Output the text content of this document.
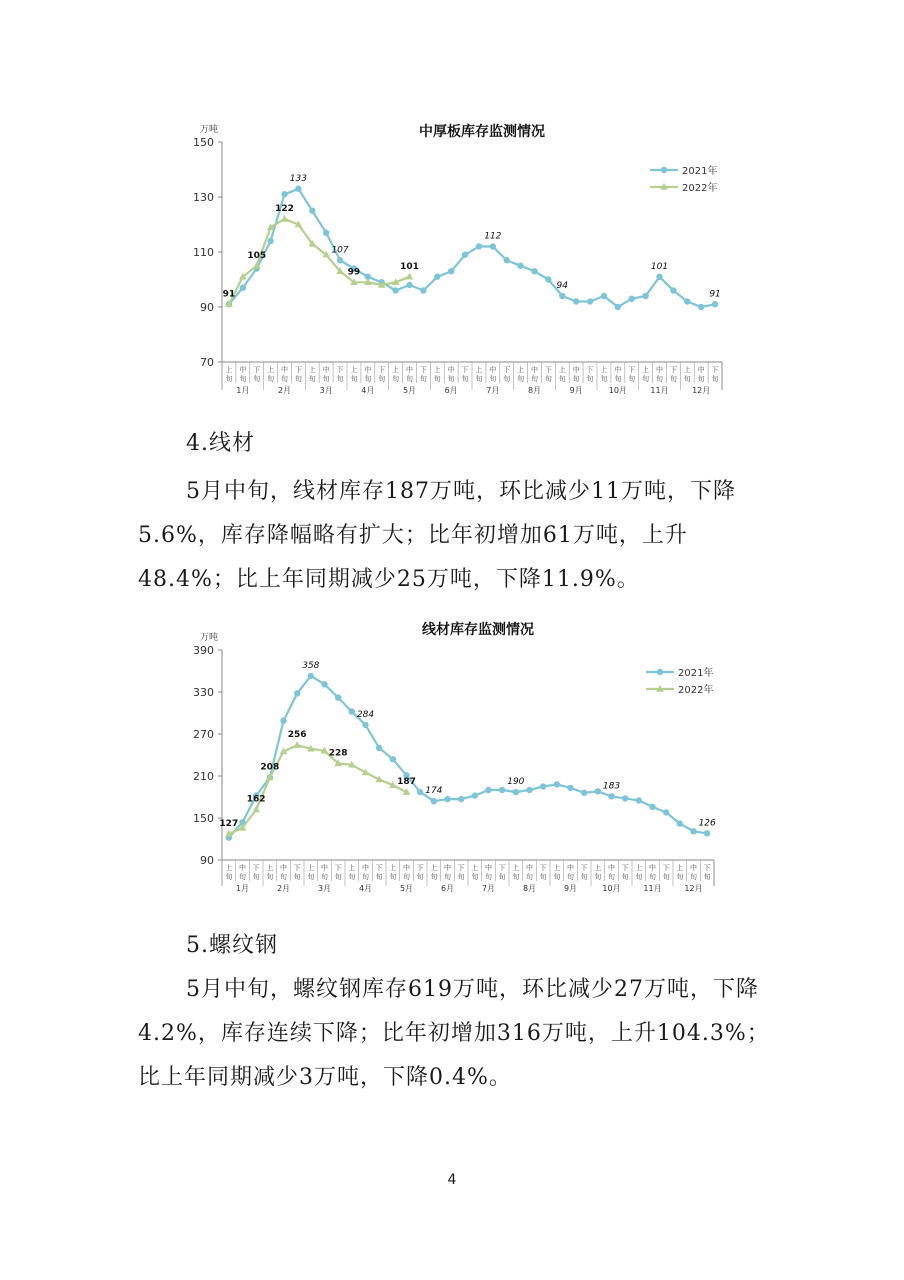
中厚板库存监测情况
万吨
70
90
110
130
150
上
旬
中
旬
下
旬
上
旬
中
旬
下
旬
上
旬
中
旬
下
旬
上
旬
中
旬
下
旬
上
旬
中
旬
下
旬
上
旬
中
旬
下
旬
上
旬
中
旬
下
旬
上
旬
中
旬
下
旬
上
旬
中
旬
下
旬
上
旬
中
旬
下
旬
上
旬
中
旬
下
旬
上
旬
中
旬
下
旬
1月	2月	3月	4月	5月	6月	7月	8月	9月	10月	11月	12月
91
105
122
133
107
99
101
112
94
101
91
2021年
2022年
4.线材

5月中旬，线材库存187万吨，环比减少11万吨，下降5.6%，库存降幅略有扩大；比年初增加61万吨，上升48.4%；比上年同期减少25万吨，下降11.9%。

线材库存监测情况
万吨
90
150
210
270
330
390
上
旬
中
旬
下
旬
上
旬
中
旬
下
旬
上
旬
中
旬
下
旬
上
旬
中
旬
下
旬
上
旬
中
旬
下
旬
上
旬
中
旬
下
旬
上
旬
中
旬
下
旬
上
旬
中
旬
下
旬
上
旬
中
旬
下
旬
上
旬
中
旬
下
旬
上
旬
中
旬
下
旬
上
旬
中
旬
下
旬
1月	2月	3月	4月	5月	6月	7月	8月	9月	10月	11月	12月
127
162
208
256
358
228
284
187
174
190	183
126
2021年
2022年
5.螺纹钢

5月中旬，螺纹钢库存619万吨，环比减少27万吨，下降4.2%，库存连续下降；比年初增加316万吨，上升104.3%；比上年同期减少3万吨，下降0.4%。

4
